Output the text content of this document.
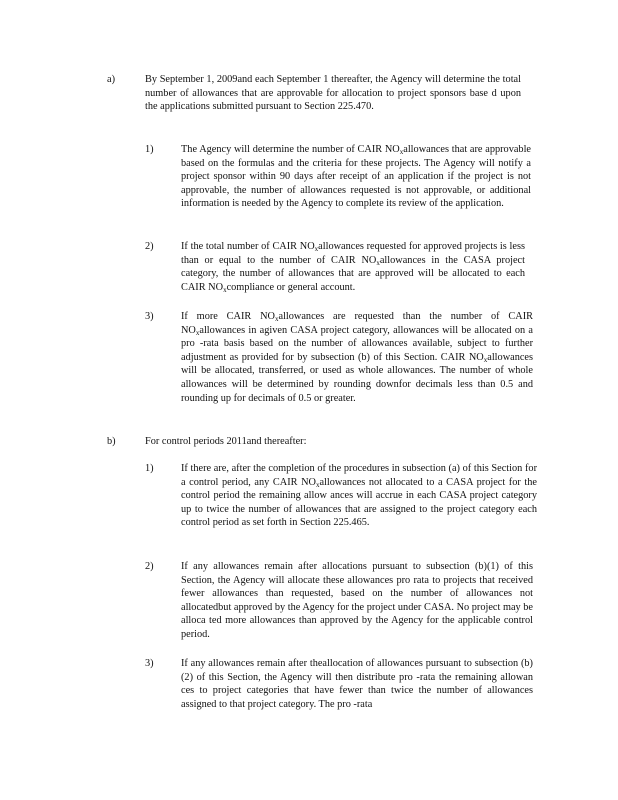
a)	By September 1, 2009and each September 1 thereafter, the Agency will determine the total number of allowances that are approvable for allocation to project sponsors base d upon the applications submitted pursuant to Section 225.470.
1)	The Agency will determine the number of CAIR $NO_xallowances$ that are approvable based on the formulas and the criteria for these projects. The Agency will notify a project sponsor within 90 days after receipt of an application if the project is not approvable, the number of allowances requested is not approvable, or additional information is needed by the Agency to complete its review of the application.
2)	If the total number of CAIR $NO_xallowances$ requested for approved projects is less than or equal to the number of CAIR $NO_xallowances$ in the CASA project category, the number of allowances that are approved will be allocated to each CAIR $NO_xcompliance$ or general account.
3)	If more CAIR $NO_xallowances$ are requested than the number of CAIR $NO_xallowances$ in agiven CASA project category, allowances will be allocated on a pro -rata basis based on the number of allowances available, subject to further adjustment as provided for by subsection (b) of this Section. CAIR $NO_xallowances$ will be allocated, transferred, or used as whole allowances. The number of whole allowances will be determined by rounding downfor decimals less than 0.5 and rounding up for decimals of 0.5 or greater.
b)	For control periods 2011and thereafter:
1)	If there are, after the completion of the procedures in subsection (a) of this Section for a control period, any CAIR $NO_xallowances$ not allocated to a CASA project for the control period the remaining allow ances will accrue in each CASA project category up to twice the number of allowances that are assigned to the project category each control period as set forth in Section 225.465.
2)	If any allowances remain after allocations pursuant to subsection (b)(1) of this Section, the Agency will allocate these allowances pro rata to projects that received fewer allowances than requested, based on the number of allowances not allocatedbut approved by the Agency for the project under CASA. No project may be alloca ted more allowances than approved by the Agency for the applicable control period.
3)	If any allowances remain after theallocation of allowances pursuant to subsection (b)(2) of this Section, the Agency will then distribute pro -rata the remaining allowan ces to project categories that have fewer than twice the number of allowances assigned to that project category. The pro -rata
